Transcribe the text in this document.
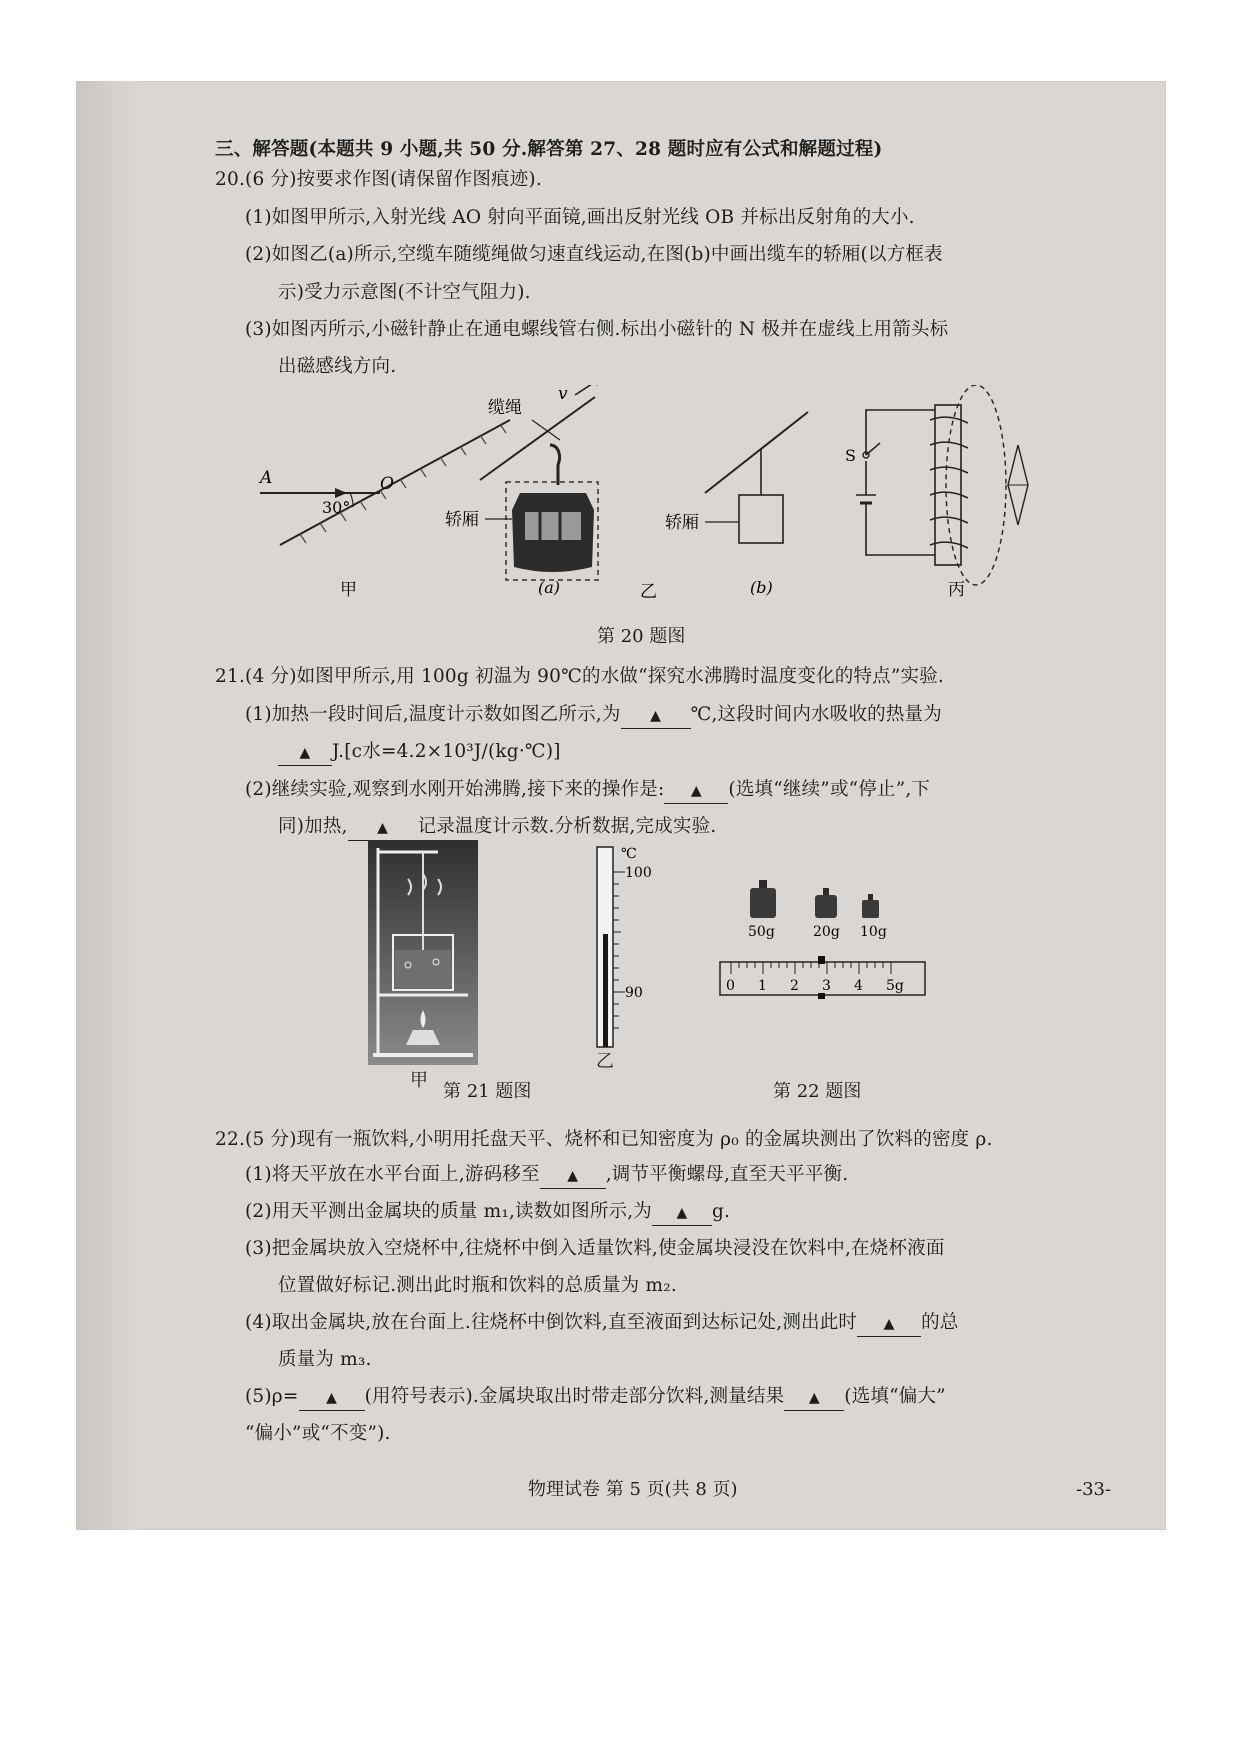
三、解答题(本题共 9 小题,共 50 分.解答第 27、28 题时应有公式和解题过程)
20.(6 分)按要求作图(请保留作图痕迹).
(1)如图甲所示,入射光线 AO 射向平面镜,画出反射光线 OB 并标出反射角的大小.
(2)如图乙(a)所示,空缆车随缆绳做匀速直线运动,在图(b)中画出缆车的轿厢(以方框表
示)受力示意图(不计空气阻力).
(3)如图丙所示,小磁针静止在通电螺线管右侧.标出小磁针的 N 极并在虚线上用箭头标
出磁感线方向.
A	O
30°
v
缆绳
轿厢
(a)
轿厢
(b)
S
丙
甲	乙
第 20 题图
21.(4 分)如图甲所示,用 100g 初温为 90℃的水做“探究水沸腾时温度变化的特点”实验.
(1)加热一段时间后,温度计示数如图乙所示,为 ▲ ℃,这段时间内水吸收的热量为
▲ J.[c水=4.2×10³J/(kg·℃)]
(2)继续实验,观察到水刚开始沸腾,接下来的操作是: ▲ (选填“继续”或“停止”,下
同)加热, ▲ 记录温度计示数.分析数据,完成实验.
甲
℃
100
90
乙
第 21 题图
50g	20g 10g
0 1 2 3 4 5g
第 22 题图
22.(5 分)现有一瓶饮料,小明用托盘天平、烧杯和已知密度为 ρ₀ 的金属块测出了饮料的密度 ρ.
(1)将天平放在水平台面上,游码移至 ▲ ,调节平衡螺母,直至天平平衡.
(2)用天平测出金属块的质量 m₁,读数如图所示,为 ▲ g.
(3)把金属块放入空烧杯中,往烧杯中倒入适量饮料,使金属块浸没在饮料中,在烧杯液面
位置做好标记.测出此时瓶和饮料的总质量为 m₂.
(4)取出金属块,放在台面上.往烧杯中倒饮料,直至液面到达标记处,测出此时 ▲ 的总
质量为 m₃.
(5)ρ= ▲ (用符号表示).金属块取出时带走部分饮料,测量结果 ▲ (选填“偏大”
“偏小”或“不变”).
物理试卷 第 5 页(共 8 页)	-33-
